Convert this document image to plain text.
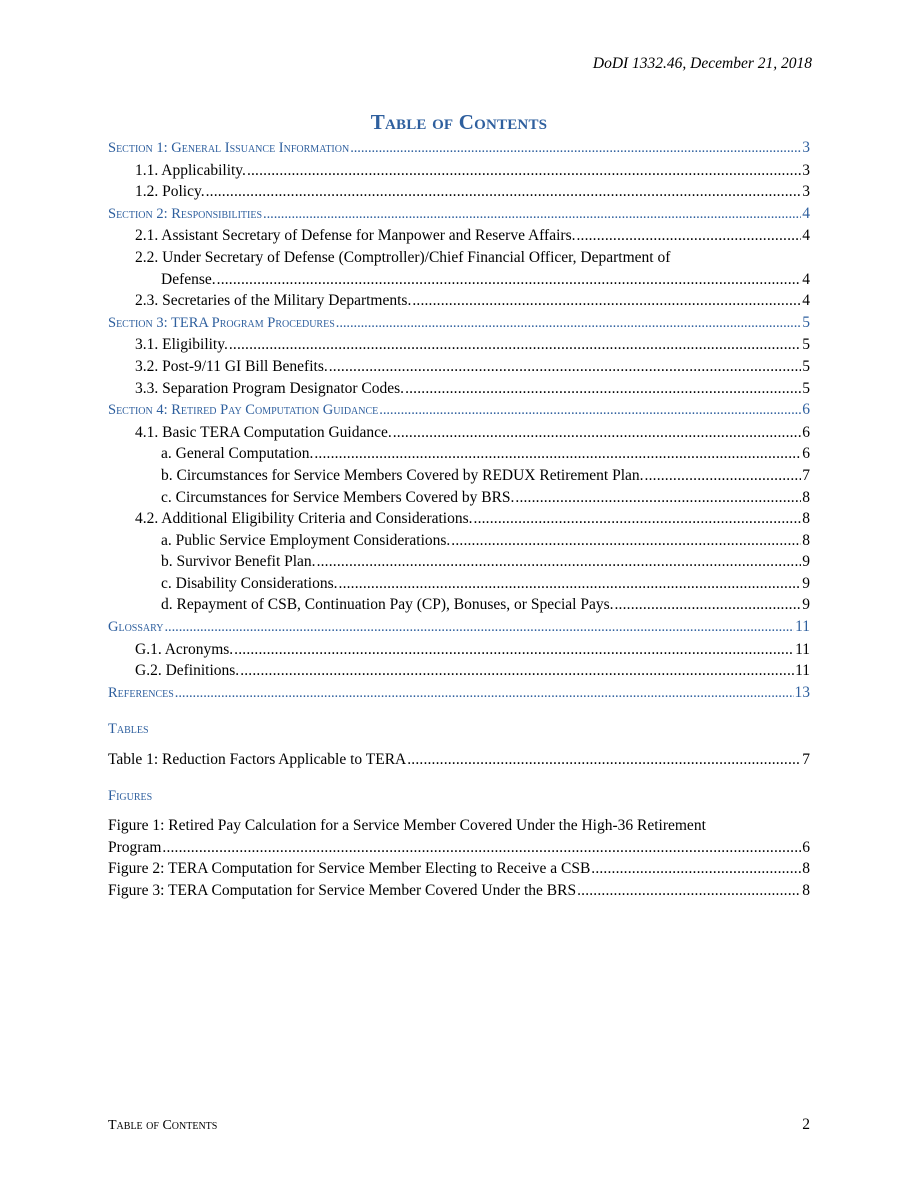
DoDI 1332.46, December 21, 2018
Table of Contents
Section 1: General Issuance Information . . .	3
1.1. Applicability. . . .	3
1.2. Policy. . . .	3
Section 2: Responsibilities . . .	4
2.1. Assistant Secretary of Defense for Manpower and Reserve Affairs. . . .	4
2.2. Under Secretary of Defense (Comptroller)/Chief Financial Officer, Department of
Defense. . . .	4
2.3. Secretaries of the Military Departments. . . .	4
Section 3: TERA Program Procedures . . .	5
3.1. Eligibility. . . .	5
3.2. Post-9/11 GI Bill Benefits. . . .	5
3.3. Separation Program Designator Codes. . . .	5
Section 4: Retired Pay Computation Guidance . . .	6
4.1. Basic TERA Computation Guidance. . . .	6
a. General Computation. . . .	6
b. Circumstances for Service Members Covered by REDUX Retirement Plan. . . .	7
c. Circumstances for Service Members Covered by BRS. . . .	8
4.2. Additional Eligibility Criteria and Considerations. . . .	8
a. Public Service Employment Considerations. . . .	8
b. Survivor Benefit Plan. . . .	9
c. Disability Considerations. . . .	9
d. Repayment of CSB, Continuation Pay (CP), Bonuses, or Special Pays. . . .	9
Glossary . . .	11
G.1. Acronyms. . . .	11
G.2. Definitions. . . .	11
References . . .	13
Tables
Table 1: Reduction Factors Applicable to TERA . . .	7
Figures
Figure 1: Retired Pay Calculation for a Service Member Covered Under the High-36 Retirement
Program . . .	6
Figure 2: TERA Computation for Service Member Electing to Receive a CSB . . .	8
Figure 3: TERA Computation for Service Member Covered Under the BRS . . .	8
Table of Contents	2
